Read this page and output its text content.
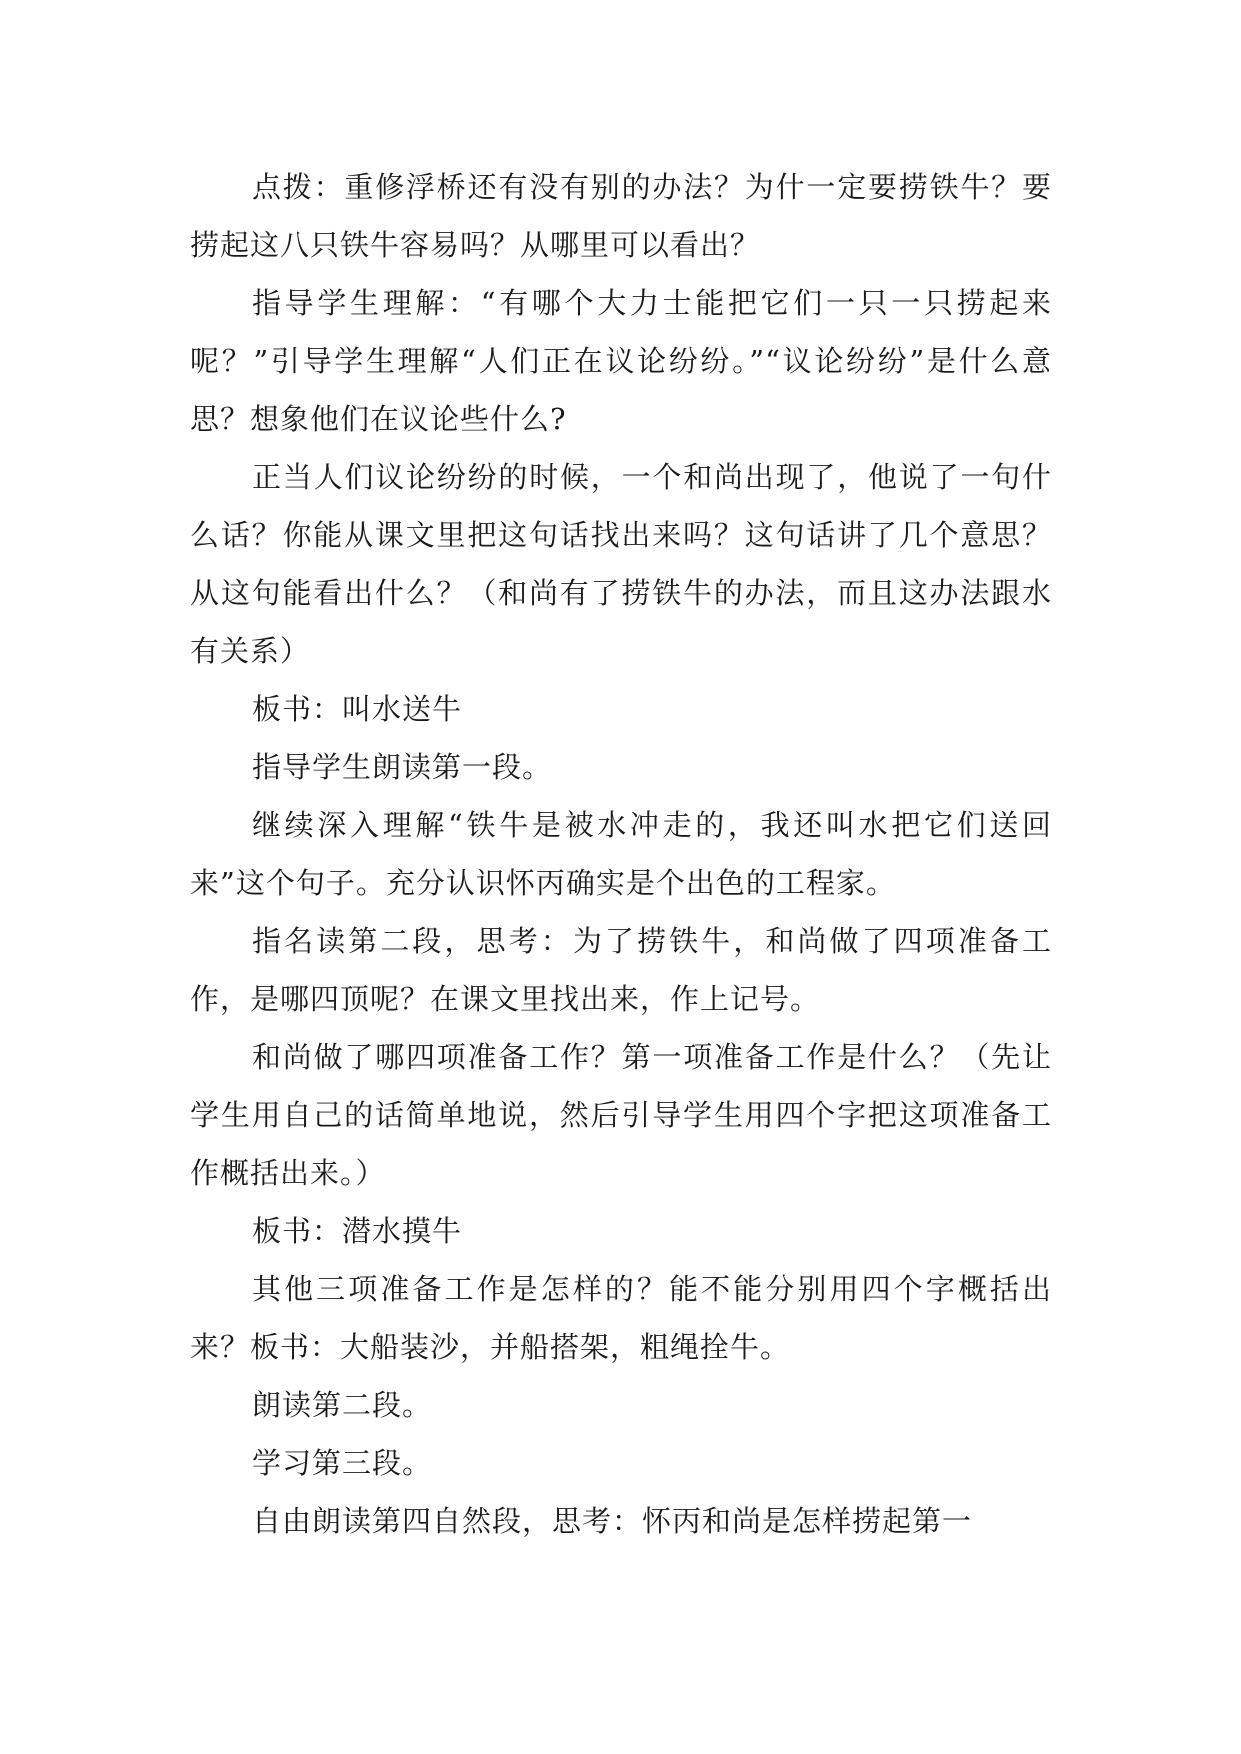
点拨：重修浮桥还有没有别的办法？为什一定要捞铁牛？要捞起这八只铁牛容易吗？从哪里可以看出？

指导学生理解：“有哪个大力士能把它们一只一只捞起来呢？”引导学生理解“人们正在议论纷纷。”“议论纷纷”是什么意思？想象他们在议论些什么?

正当人们议论纷纷的时候，一个和尚出现了，他说了一句什么话？你能从课文里把这句话找出来吗？这句话讲了几个意思？从这句能看出什么？（和尚有了捞铁牛的办法，而且这办法跟水有关系）

板书：叫水送牛

指导学生朗读第一段。

继续深入理解“铁牛是被水冲走的，我还叫水把它们送回来”这个句子。充分认识怀丙确实是个出色的工程家。

指名读第二段，思考：为了捞铁牛，和尚做了四项准备工作，是哪四顶呢？在课文里找出来，作上记号。

和尚做了哪四项准备工作？第一项准备工作是什么？（先让学生用自己的话简单地说，然后引导学生用四个字把这项准备工作概括出来。）

板书：潜水摸牛

其他三项准备工作是怎样的？能不能分别用四个字概括出来？板书：大船装沙，并船搭架，粗绳拴牛。

朗读第二段。

学习第三段。

自由朗读第四自然段，思考：怀丙和尚是怎样捞起第一
